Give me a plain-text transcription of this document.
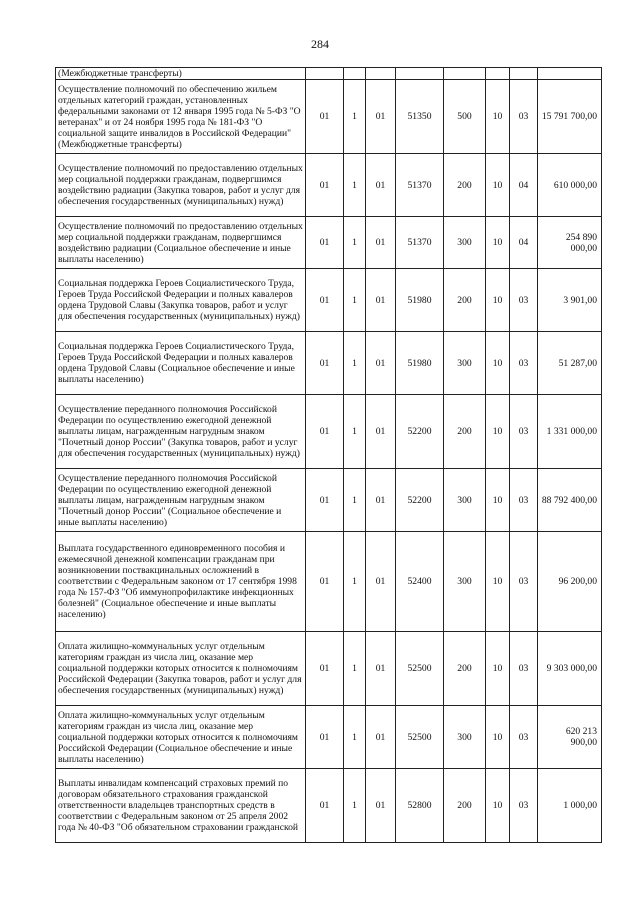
284
(Межбюджетные трансферты)								
Осуществление полномочий по обеспечению жильем отдельных категорий граждан, установленных федеральными законами от 12 января 1995 года № 5-ФЗ "О ветеранах" и от 24 ноября 1995 года № 181-ФЗ "О социальной защите инвалидов в Российской Федерации" (Межбюджетные трансферты)	01	1	01	51350	500	10	03	15 791 700,00
Осуществление полномочий по предоставлению отдельных мер социальной поддержки гражданам, подвергшимся воздействию радиации (Закупка товаров, работ и услуг для обеспечения государственных (муниципальных) нужд)	01	1	01	51370	200	10	04	610 000,00
Осуществление полномочий по предоставлению отдельных мер социальной поддержки гражданам, подвергшимся воздействию радиации (Социальное обеспечение и иные выплаты населению)	01	1	01	51370	300	10	04	254 890 000,00
Социальная поддержка Героев Социалистического Труда, Героев Труда Российской Федерации и полных кавалеров ордена Трудовой Славы (Закупка товаров, работ и услуг для обеспечения государственных (муниципальных) нужд)	01	1	01	51980	200	10	03	3 901,00
Социальная поддержка Героев Социалистического Труда, Героев Труда Российской Федерации и полных кавалеров ордена Трудовой Славы (Социальное обеспечение и иные выплаты населению)	01	1	01	51980	300	10	03	51 287,00
Осуществление переданного полномочия Российской Федерации по осуществлению ежегодной денежной выплаты лицам, награжденным нагрудным знаком "Почетный донор России" (Закупка товаров, работ и услуг для обеспечения государственных (муниципальных) нужд)	01	1	01	52200	200	10	03	1 331 000,00
Осуществление переданного полномочия Российской Федерации по осуществлению ежегодной денежной выплаты лицам, награжденным нагрудным знаком "Почетный донор России" (Социальное обеспечение и иные выплаты населению)	01	1	01	52200	300	10	03	88 792 400,00
Выплата государственного единовременного пособия и ежемесячной денежной компенсации гражданам при возникновении поствакцинальных осложнений в соответствии с Федеральным законом от 17 сентября 1998 года № 157-ФЗ "Об иммунопрофилактике инфекционных болезней" (Социальное обеспечение и иные выплаты населению)	01	1	01	52400	300	10	03	96 200,00
Оплата жилищно-коммунальных услуг отдельным категориям граждан из числа лиц, оказание мер социальной поддержки которых относится к полномочиям Российской Федерации (Закупка товаров, работ и услуг для обеспечения государственных (муниципальных) нужд)	01	1	01	52500	200	10	03	9 303 000,00
Оплата жилищно-коммунальных услуг отдельным категориям граждан из числа лиц, оказание мер социальной поддержки которых относится к полномочиям Российской Федерации (Социальное обеспечение и иные выплаты населению)	01	1	01	52500	300	10	03	620 213 900,00
Выплаты инвалидам компенсаций страховых премий по договорам обязательного страхования гражданской ответственности владельцев транспортных средств в соответствии с Федеральным законом от 25 апреля 2002 года № 40-ФЗ "Об обязательном страховании гражданской	01	1	01	52800	200	10	03	1 000,00
